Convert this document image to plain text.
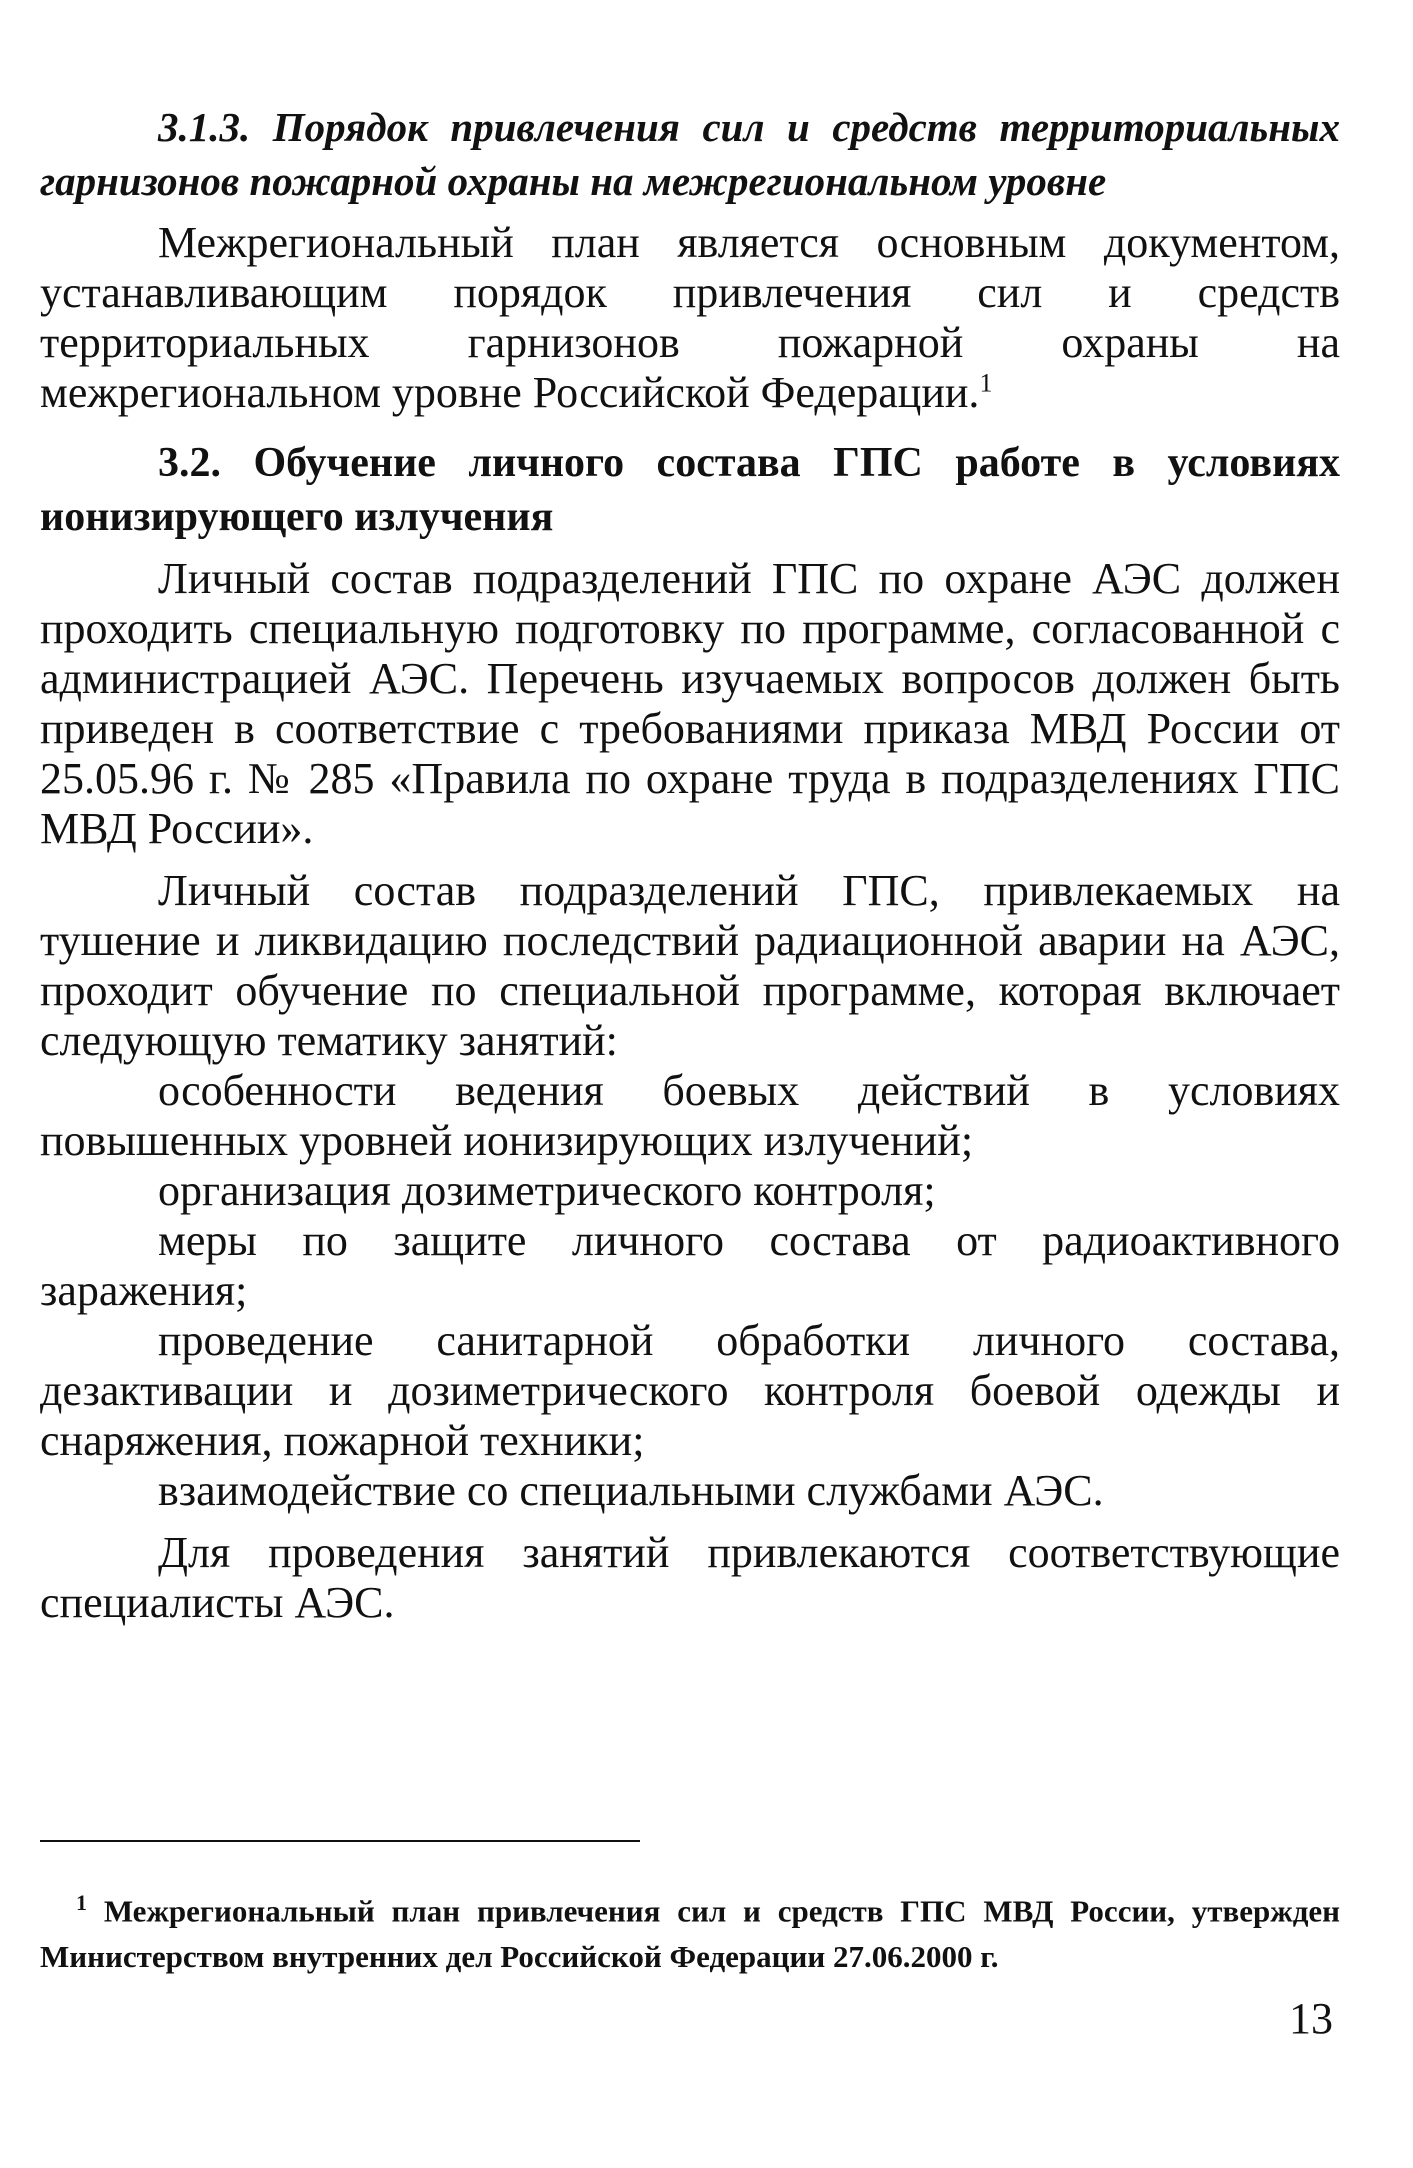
3.1.3. Порядок привлечения сил и средств территориальных гарнизонов пожарной охраны на межрегиональном уровне

Межрегиональный план является основным документом, устанавливающим порядок привлечения сил и средств территориальных гарнизонов пожарной охраны на межрегиональном уровне Российской Федерации.$^1$

3.2. Обучение личного состава ГПС работе в условиях ионизирующего излучения

Личный состав подразделений ГПС по охране АЭС должен проходить специальную подготовку по программе, согласованной с администрацией АЭС. Перечень изучаемых вопросов должен быть приведен в соответствие с требованиями приказа МВД России от 25.05.96 г. № 285 «Правила по охране труда в подразделениях ГПС МВД России».

Личный состав подразделений ГПС, привлекаемых на тушение и ликвидацию последствий радиационной аварии на АЭС, проходит обучение по специальной программе, которая включает следующую тематику занятий:

особенности ведения боевых действий в условиях повышенных уровней ионизирующих излучений;

организация дозиметрического контроля;

меры по защите личного состава от радиоактивного заражения;

проведение санитарной обработки личного состава, дезактивации и дозиметрического контроля боевой одежды и снаряжения, пожарной техники;

взаимодействие со специальными службами АЭС.

Для проведения занятий привлекаются соответствующие специалисты АЭС.

$^1$ Межрегиональный план привлечения сил и средств ГПС МВД России, утвержден Министерством внутренних дел Российской Федерации 27.06.2000 г.
13
